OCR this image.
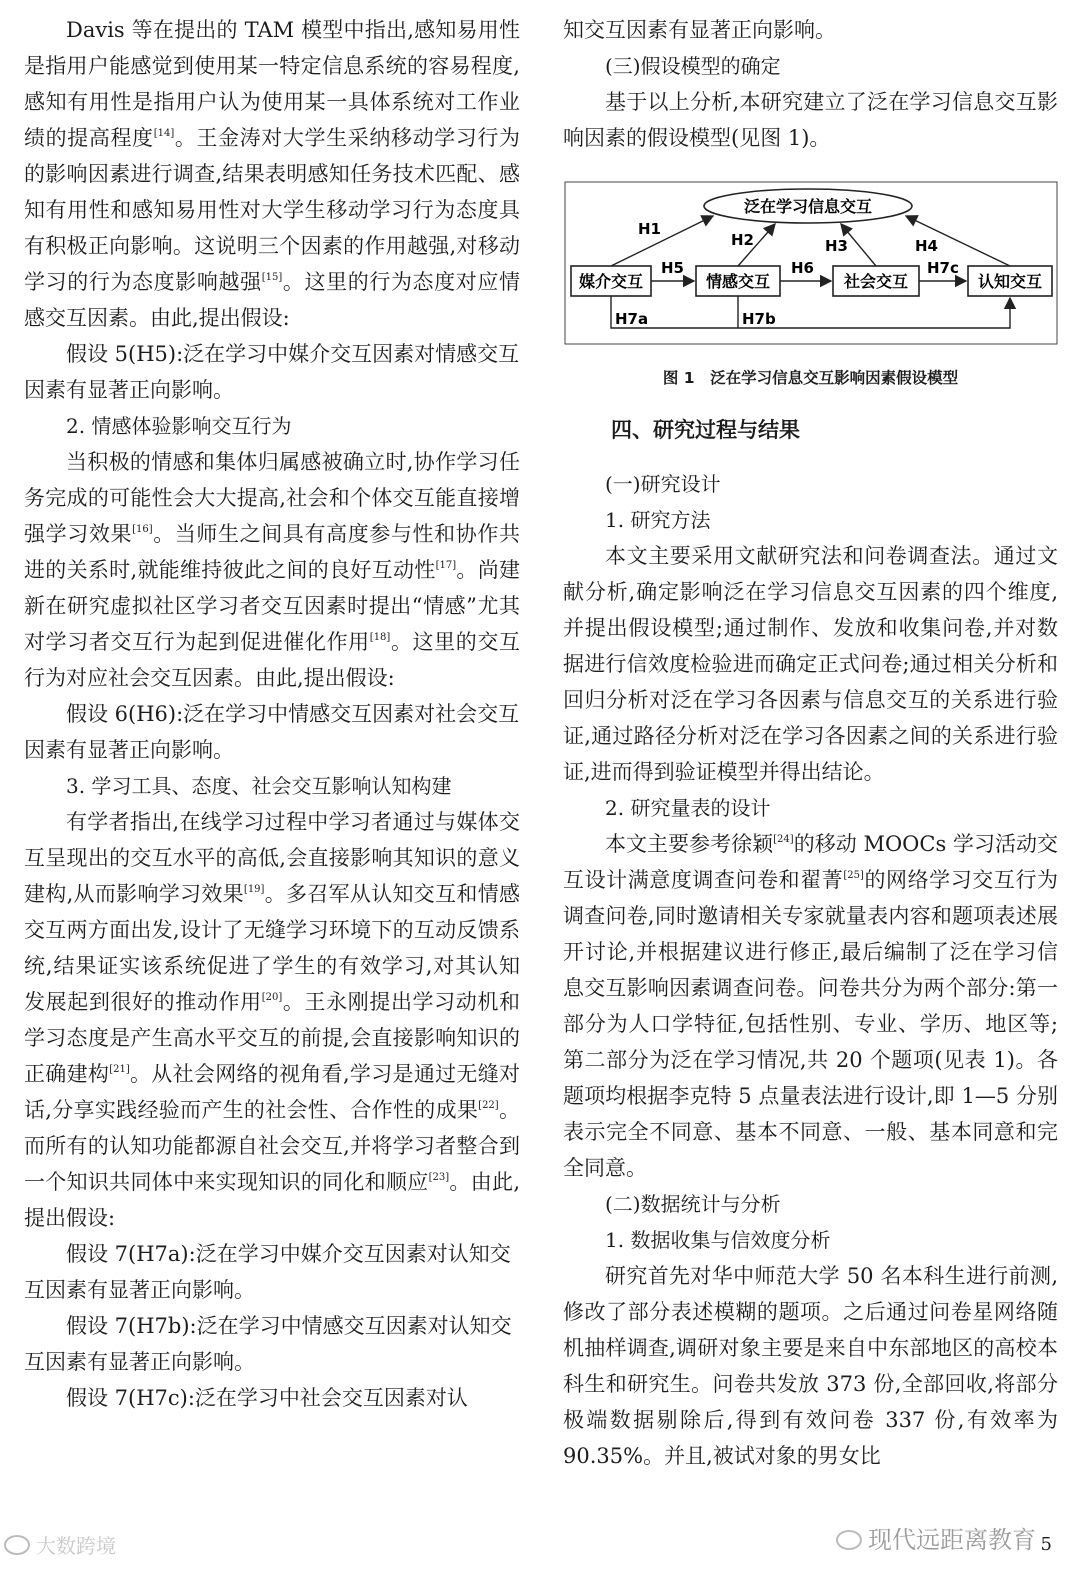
Davis 等在提出的 TAM 模型中指出,感知易用性是指用户能感觉到使用某一特定信息系统的容易程度,感知有用性是指用户认为使用某一具体系统对工作业绩的提高程度[14]。王金涛对大学生采纳移动学习行为的影响因素进行调查,结果表明感知任务技术匹配、感知有用性和感知易用性对大学生移动学习行为态度具有积极正向影响。这说明三个因素的作用越强,对移动学习的行为态度影响越强[15]。这里的行为态度对应情感交互因素。由此,提出假设:

假设 5(H5):泛在学习中媒介交互因素对情感交互因素有显著正向影响。

2. 情感体验影响交互行为

当积极的情感和集体归属感被确立时,协作学习任务完成的可能性会大大提高,社会和个体交互能直接增强学习效果[16]。当师生之间具有高度参与性和协作共进的关系时,就能维持彼此之间的良好互动性[17]。尚建新在研究虚拟社区学习者交互因素时提出“情感”尤其对学习者交互行为起到促进催化作用[18]。这里的交互行为对应社会交互因素。由此,提出假设:

假设 6(H6):泛在学习中情感交互因素对社会交互因素有显著正向影响。

3. 学习工具、态度、社会交互影响认知构建

有学者指出,在线学习过程中学习者通过与媒体交互呈现出的交互水平的高低,会直接影响其知识的意义建构,从而影响学习效果[19]。多召军从认知交互和情感交互两方面出发,设计了无缝学习环境下的互动反馈系统,结果证实该系统促进了学生的有效学习,对其认知发展起到很好的推动作用[20]。王永刚提出学习动机和学习态度是产生高水平交互的前提,会直接影响知识的正确建构[21]。从社会网络的视角看,学习是通过无缝对话,分享实践经验而产生的社会性、合作性的成果[22]。而所有的认知功能都源自社会交互,并将学习者整合到一个知识共同体中来实现知识的同化和顺应[23]。由此,提出假设:

假设 7(H7a):泛在学习中媒介交互因素对认知交互因素有显著正向影响。

假设 7(H7b):泛在学习中情感交互因素对认知交互因素有显著正向影响。

假设 7(H7c):泛在学习中社会交互因素对认

知交互因素有显著正向影响。

(三)假设模型的确定

基于以上分析,本研究建立了泛在学习信息交互影响因素的假设模型(见图 1)。

泛在学习信息交互
媒介交互	情感交互	社会交互	认知交互
H1
H2	H3	H4
H5	H6	H7c
H7a	H7b

图 1　泛在学习信息交互影响因素假设模型

四、研究过程与结果

(一)研究设计

1. 研究方法

本文主要采用文献研究法和问卷调查法。通过文献分析,确定影响泛在学习信息交互因素的四个维度,并提出假设模型;通过制作、发放和收集问卷,并对数据进行信效度检验进而确定正式问卷;通过相关分析和回归分析对泛在学习各因素与信息交互的关系进行验证,通过路径分析对泛在学习各因素之间的关系进行验证,进而得到验证模型并得出结论。

2. 研究量表的设计

本文主要参考徐颖[24]的移动 MOOCs 学习活动交互设计满意度调查问卷和翟菁[25]的网络学习交互行为调查问卷,同时邀请相关专家就量表内容和题项表述展开讨论,并根据建议进行修正,最后编制了泛在学习信息交互影响因素调查问卷。问卷共分为两个部分:第一部分为人口学特征,包括性别、专业、学历、地区等;第二部分为泛在学习情况,共 20 个题项(见表 1)。各题项均根据李克特 5 点量表法进行设计,即 1—5 分别表示完全不同意、基本不同意、一般、基本同意和完全同意。

(二)数据统计与分析

1. 数据收集与信效度分析

研究首先对华中师范大学 50 名本科生进行前测,修改了部分表述模糊的题项。之后通过问卷星网络随机抽样调查,调研对象主要是来自中东部地区的高校本科生和研究生。问卷共发放 373 份,全部回收,将部分极端数据剔除后,得到有效问卷 337 份,有效率为 90.35%。并且,被试对象的男女比

大数跨境	现代远距离教育 5
